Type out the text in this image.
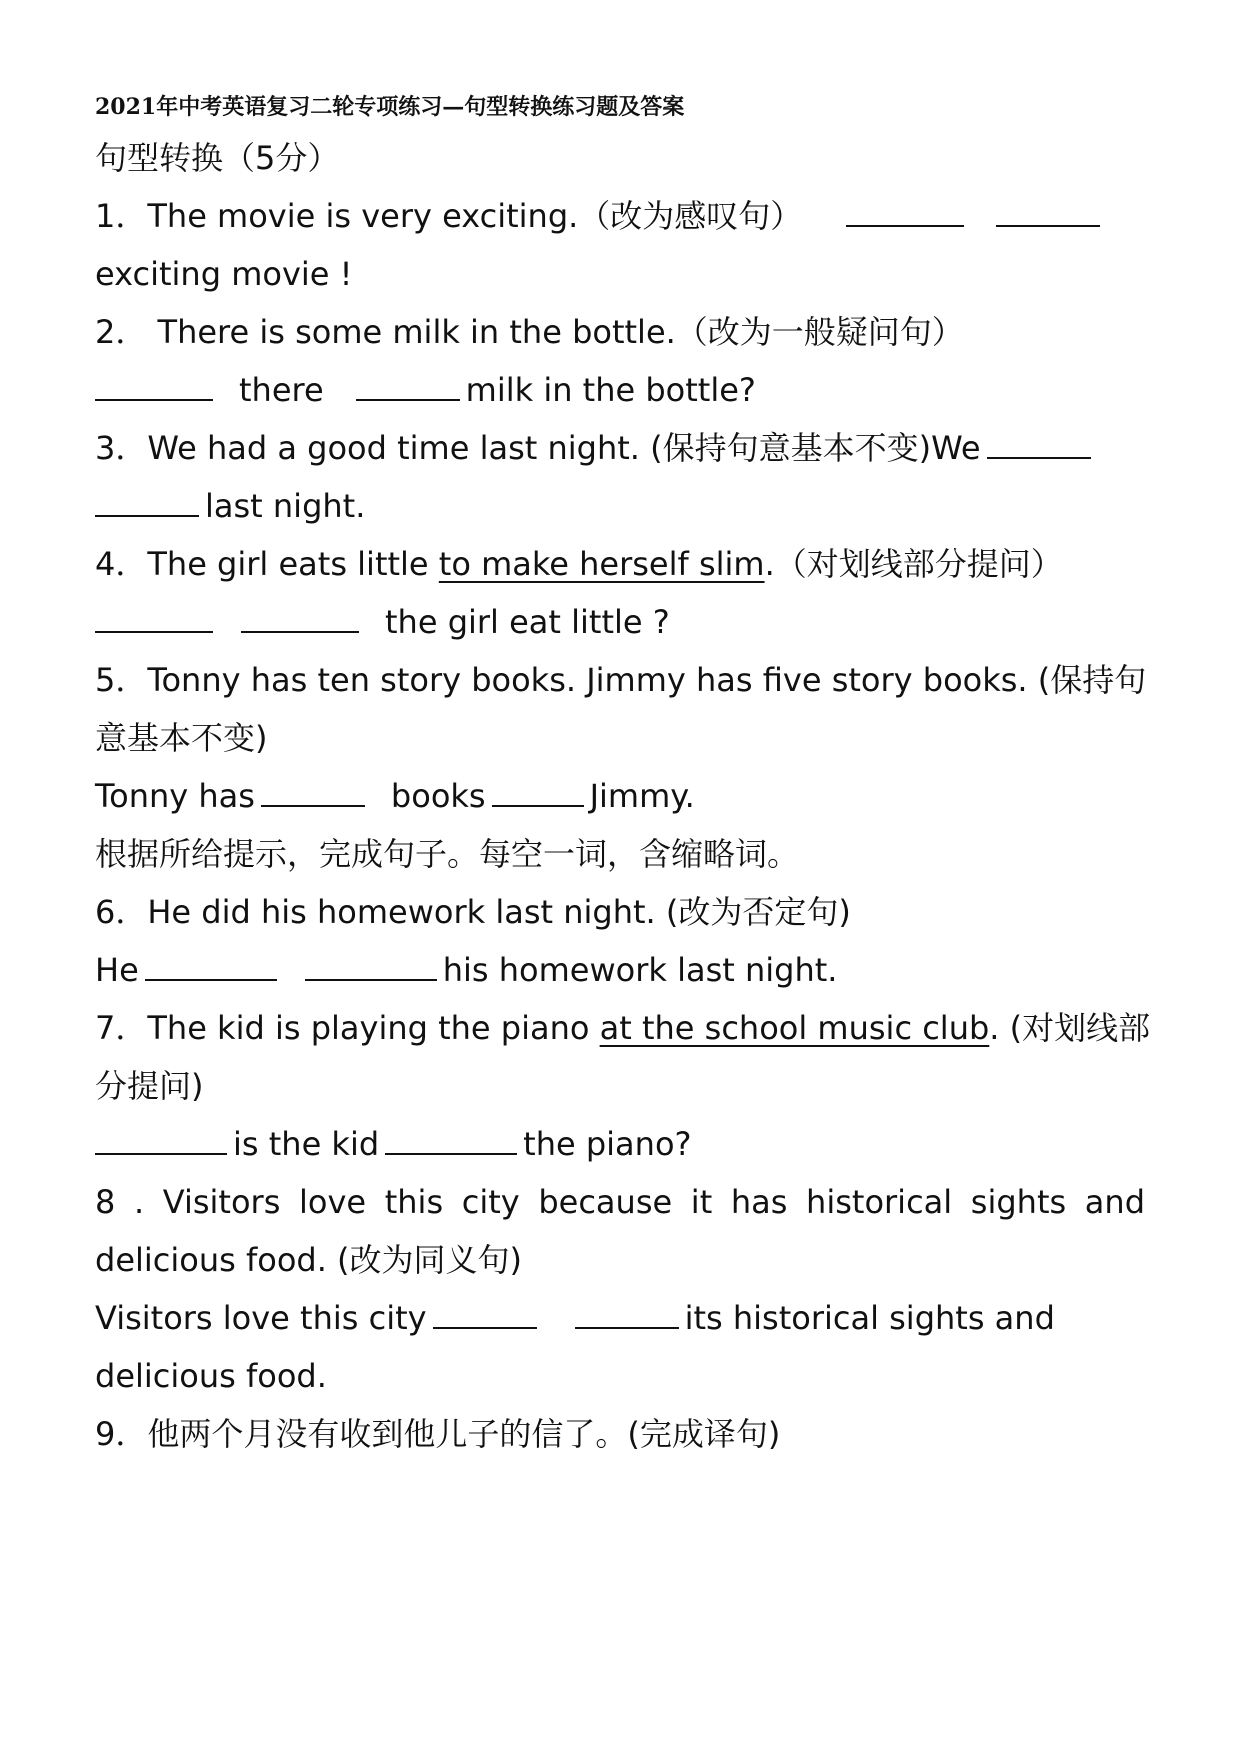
2021年中考英语复习二轮专项练习—句型转换练习题及答案
句型转换（5分）
1．The movie is very exciting.（改为感叹句）
exciting movie !
2． There is some milk in the bottle.（改为一般疑问句）
there	milk in the bottle?
3．We had a good time last night. (保持句意基本不变)We
last night.
4．The girl eats little to make herself slim.（对划线部分提问）
the girl eat little ?
5．Tonny has ten story books. Jimmy has five story books. (保持句
意基本不变)
Tonny has	books	Jimmy.
根据所给提示，完成句子。每空一词，含缩略词。
6．He did his homework last night. (改为否定句)
He	his homework last night.
7．The kid is playing the piano at the school music club. (对划线部
分提问)
is the kid	the piano?
8 . Visitors love this city because it has historical sights and
delicious food. (改为同义句)
Visitors love this city	its historical sights and
delicious food.
9．他两个月没有收到他儿子的信了。(完成译句)
